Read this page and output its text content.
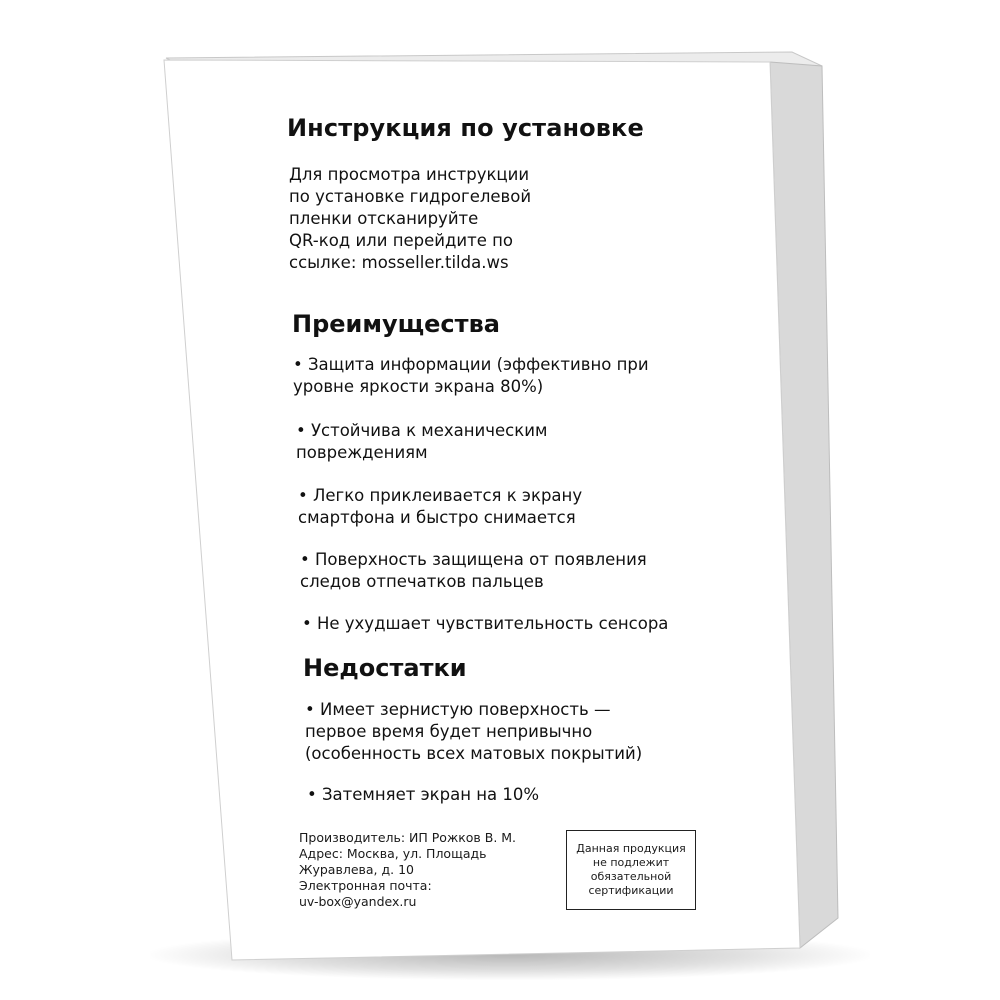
Инструкция по установке

Для просмотра инструкции
по установке гидрогелевой
пленки отсканируйте
QR-код или перейдите по
ссылке: mosseller.tilda.ws

Преимущества

• Защита информации (эффективно при
уровне яркости экрана 80%)

• Устойчива к механическим
повреждениям

• Легко приклеивается к экрану
смартфона и быстро снимается

• Поверхность защищена от появления
следов отпечатков пальцев

• Не ухудшает чувствительность сенсора

Недостатки

• Имеет зернистую поверхность —
первое время будет непривычно
(особенность всех матовых покрытий)

• Затемняет экран на 10%

Производитель: ИП Рожков В. М.
Адрес: Москва, ул. Площадь
Журавлева, д. 10
Электронная почта:
uv-box@yandex.ru

Данная продукция
не подлежит
обязательной
сертификации
